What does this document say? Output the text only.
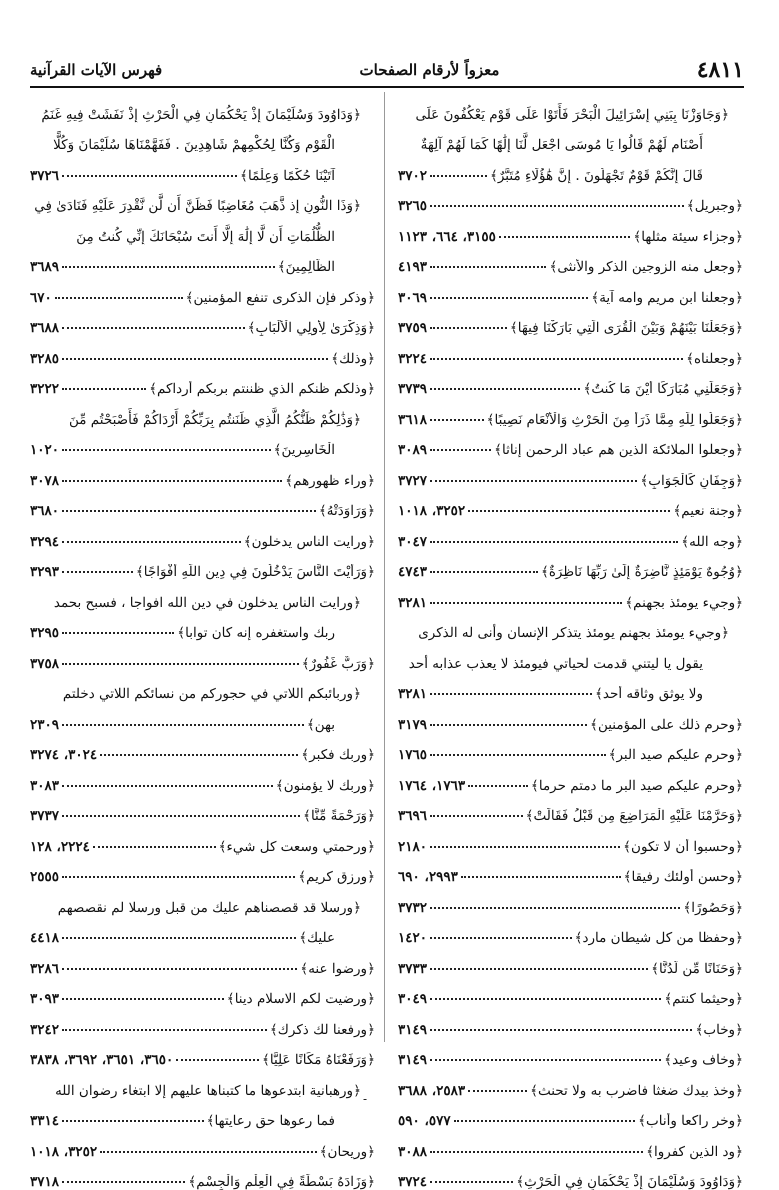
٤٨١١
معزواً لأرقام الصفحات
فهرس الآيات القرآنية
﴿وَجَاوَزْنَا بِبَنِي إِسْرَائِيلَ الْبَحْرَ فَأَتَوْا عَلَى قَوْمٍ يَعْكُفُونَ عَلَى
أَصْنَامٍ لَهُمْ قَالُوا يَا مُوسَى اجْعَل لَّنَا إِلَٰهًا كَمَا لَهُمْ آلِهَةٌ
قَالَ إِنَّكُمْ قَوْمٌ تَجْهَلُونَ . إِنَّ هَٰؤُلَاءِ مُتَبَّرٌ﴾
٣٧٠٢
﴿وجبريل﴾
٣٢٦٥
﴿وجزاء سيئة مثلها﴾
٣١٥٥، ٦٦٤، ١١٢٣
﴿وجعل منه الزوجين الذكر والأنثى﴾
٤١٩٣
﴿وجعلنا ابن مريم وامه آية﴾
٣٠٦٩
﴿وَجَعَلْنَا بَيْنَهُمْ وَبَيْنَ الْقُرَى الَّتِي بَارَكْنَا فِيهَا﴾
٣٧٥٩
﴿وجعلناه﴾
٣٢٢٤
﴿وَجَعَلَنِي مُبَارَكًا أَيْنَ مَا كُنتُ﴾
٣٧٣٩
﴿وَجَعَلُوا لِلَّهِ مِمَّا ذَرَأَ مِنَ الْحَرْثِ وَالْأَنْعَامِ نَصِيبًا﴾
٣٦١٨
﴿وجعلوا الملائكة الذين هم عباد الرحمن إناثا﴾
٣٠٨٩
﴿وَجِفَانٍ كَالْجَوَابِ﴾
٣٧٢٧
﴿وجنة نعيم﴾
٣٢٥٢، ١٠١٨
﴿وجه الله﴾
٣٠٤٧
﴿وُجُوهٌ يَوْمَئِذٍ نَّاضِرَةٌ إِلَىٰ رَبِّهَا نَاظِرَةٌ﴾
٤٧٤٣
﴿وجيء يومئذ بجهنم﴾
٣٢٨١
﴿وجيء يومئذ بجهنم يومئذ يتذكر الإنسان وأنى له الذكرى
يقول يا ليتني قدمت لحياتي فيومئذ لا يعذب عذابه أحد
ولا يوثق وثاقه أحد﴾
٣٢٨١
﴿وحرم ذلك على المؤمنين﴾
٣١٧٩
﴿وحرم عليكم صيد البر﴾
١٧٦٥
﴿وحرم عليكم صيد البر ما دمتم حرما﴾
١٧٦٣، ١٧٦٤
﴿وَحَرَّمْنَا عَلَيْهِ الْمَرَاضِعَ مِن قَبْلُ فَقَالَتْ﴾
٣٦٩٦
﴿وحسبوا أن لا تكون﴾
٢١٨٠
﴿وحسن أولئك رفيقا﴾
٢٩٩٣، ٦٩٠
﴿وَحَصُورًا﴾
٣٧٣٢
﴿وحفظا من كل شيطان مارد﴾
١٤٢٠
﴿وَحَنَانًا مِّن لَّدُنَّا﴾
٣٧٣٣
﴿وحيثما كنتم﴾
٣٠٤٩
﴿وخاب﴾
٣١٤٩
﴿وخاف وعيد﴾
٣١٤٩
﴿وخذ بيدك ضغثا فاضرب به ولا تحنث﴾
٢٥٨٣، ٣٦٨٨
﴿وخر راكعا وأناب﴾
٥٧٧، ٥٩٠
﴿ود الذين كفروا﴾
٣٠٨٨
﴿وَدَاوُودَ وَسُلَيْمَانَ إِذْ يَحْكُمَانِ فِي الْحَرْثِ﴾
٣٧٢٤
﴿وَدَاوُودَ وَسُلَيْمَانَ إِذْ يَحْكُمَانِ فِي الْحَرْثِ إِذْ نَفَشَتْ فِيهِ غَنَمُ
الْقَوْمِ وَكُنَّا لِحُكْمِهِمْ شَاهِدِينَ . فَفَهَّمْنَاهَا سُلَيْمَانَ وَكُلًّا
آتَيْنَا حُكْمًا وَعِلْمًا﴾
٣٧٢٦
﴿وَذَا النُّونِ إِذ ذَّهَبَ مُغَاضِبًا فَظَنَّ أَن لَّن نَّقْدِرَ عَلَيْهِ فَنَادَىٰ فِي
الظُّلُمَاتِ أَن لَّا إِلَٰهَ إِلَّا أَنتَ سُبْحَانَكَ إِنِّي كُنتُ مِنَ
الظَّالِمِينَ﴾
٣٦٨٩
﴿وذكر فإن الذكرى تنفع المؤمنين﴾
٦٧٠
﴿وَذِكْرَىٰ لِأُولِي الْأَلْبَابِ﴾
٣٦٨٨
﴿وذلك﴾
٣٢٨٥
﴿وذلكم ظنكم الذي ظننتم بربكم أرداكم﴾
٣٢٢٢
﴿وَذَٰلِكُمْ ظَنُّكُمُ الَّذِي ظَنَنتُم بِرَبِّكُمْ أَرْدَاكُمْ فَأَصْبَحْتُم مِّنَ
الْخَاسِرِينَ﴾
١٠٢٠
﴿وراء ظهورهم﴾
٣٠٧٨
﴿وَرَاوَدَتْهُ﴾
٣٦٨٠
﴿ورايت الناس يدخلون﴾
٣٢٩٤
﴿وَرَأَيْتَ النَّاسَ يَدْخُلُونَ فِي دِينِ اللَّهِ أَفْوَاجًا﴾
٣٢٩٣
﴿ورايت الناس يدخلون في دين الله افواجا ، فسبح بحمد
ربك واستغفره إنه كان توابا﴾
٣٢٩٥
﴿وَرَبٌّ غَفُورٌ﴾
٣٧٥٨
﴿وربائبكم اللاتي في حجوركم من نسائكم اللاتي دخلتم
بهن﴾
٢٣٠٩
﴿وربك فكبر﴾
٣٠٢٤، ٣٢٧٤
﴿وربك لا يؤمنون﴾
٣٠٨٣
﴿وَرَحْمَةً مِّنَّا﴾
٣٧٣٧
﴿ورحمتي وسعت كل شيء﴾
٢٢٢٤، ١٢٨
﴿ورزق كريم﴾
٢٥٥٥
﴿ورسلا قد قصصناهم عليك من قبل ورسلا لم نقصصهم
عليك﴾
٤٤١٨
﴿ورضوا عنه﴾
٣٢٨٦
﴿ورضيت لكم الاسلام دينا﴾
٣٠٩٣
﴿ورفعنا لك ذكرك﴾
٣٢٤٢
﴿وَرَفَعْنَاهُ مَكَانًا عَلِيًّا﴾
٣٦٥٠، ٣٦٥١، ٣٦٩٢، ٣٨٣٨
﴿ورهبانية ابتدعوها ما كتبناها عليهم إلا ابتغاء رضوان الله
فما رعوها حق رعايتها﴾
٣٣١٤
﴿وريحان﴾
٣٢٥٢، ١٠١٨
﴿وَزَادَهُ بَسْطَةً فِي الْعِلْمِ وَالْجِسْمِ﴾
٣٧١٨
-
